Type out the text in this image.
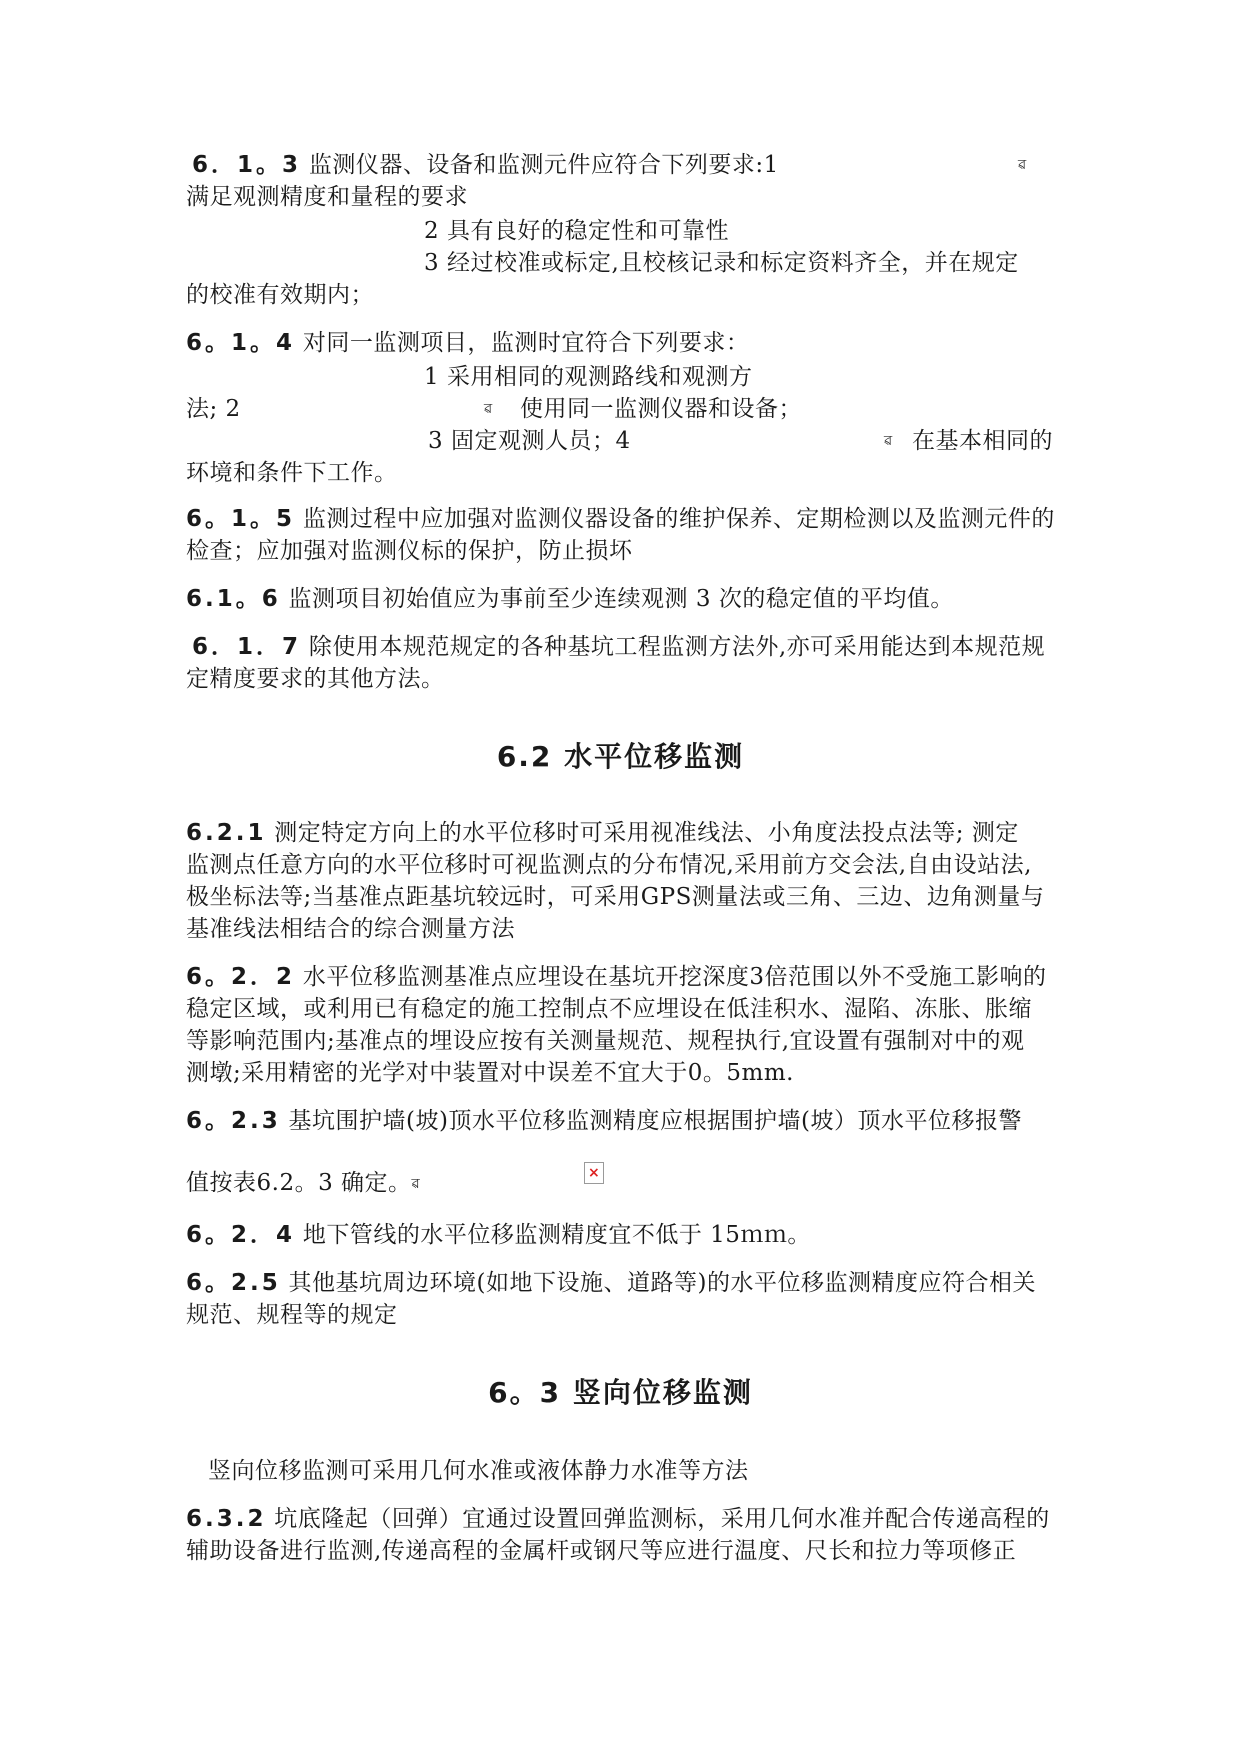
6．1。3 监测仪器、设备和监测元件应符合下列要求:1	ৱ
满足观测精度和量程的要求
2 具有良好的稳定性和可靠性
3 经过校准或标定,且校核记录和标定资料齐全，并在规定
的校准有效期内；
6。1。4 对同一监测项目，监测时宜符合下列要求：
1 采用相同的观测路线和观测方
法; 2	ৱ 使用同一监测仪器和设备；
3 固定观测人员；4	ৱ 在基本相同的
环境和条件下工作。
6。1。5 监测过程中应加强对监测仪器设备的维护保养、定期检测以及监测元件的
检查；应加强对监测仪标的保护，防止损坏
6.1。6 监测项目初始值应为事前至少连续观测 3 次的稳定值的平均值。
6．1．7 除使用本规范规定的各种基坑工程监测方法外,亦可采用能达到本规范规
定精度要求的其他方法。
6.2 水平位移监测
6.2.1 测定特定方向上的水平位移时可采用视准线法、小角度法投点法等; 测定
监测点任意方向的水平位移时可视监测点的分布情况,采用前方交会法,自由设站法,
极坐标法等;当基准点距基坑较远时，可采用GPS测量法或三角、三边、边角测量与
基准线法相结合的综合测量方法
6。2．2 水平位移监测基准点应埋设在基坑开挖深度3倍范围以外不受施工影响的
稳定区域，或利用已有稳定的施工控制点不应埋设在低洼积水、湿陷、冻胀、胀缩
等影响范围内;基准点的埋设应按有关测量规范、规程执行,宜设置有强制对中的观
测墩;采用精密的光学对中装置对中误差不宜大于0。5mm.
6。2.3 基坑围护墙(坡)顶水平位移监测精度应根据围护墙(坡）顶水平位移报警
×
值按表6.2。3 确定。ৱ
6。2．4 地下管线的水平位移监测精度宜不低于 15ｍｍ。
6。2.5 其他基坑周边环境(如地下设施、道路等)的水平位移监测精度应符合相关
规范、规程等的规定
6。3 竖向位移监测
竖向位移监测可采用几何水准或液体静力水准等方法
6.3.2 坑底隆起（回弹）宜通过设置回弹监测标，采用几何水准并配合传递高程的
辅助设备进行监测,传递高程的金属杆或钢尺等应进行温度、尺长和拉力等项修正
